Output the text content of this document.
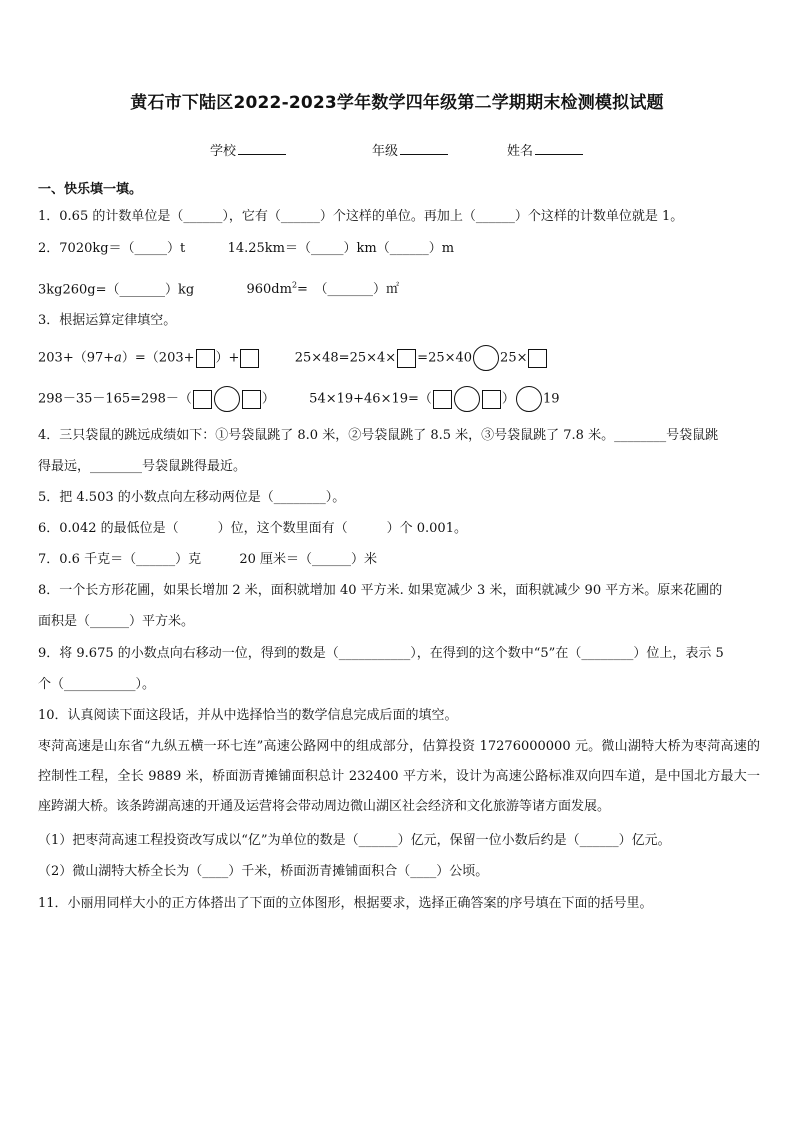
黄石市下陆区2022-2023学年数学四年级第二学期期末检测模拟试题
学校	年级	姓名
一、快乐填一填。
1．0.65 的计数单位是（______），它有（______）个这样的单位。再加上（______）个这样的计数单位就是 1。
2．7020kg＝（_____）t	14.25km＝（_____）km（______）m
3kg260g=（_______）kg	$960dm^2=$　（_______）㎡
3．根据运算定律填空。
203+（97+a）=（203+ ）+	25×48=25×4× =25×40 25×
298－35－165=298－（	）	54×19+46×19=（	） 19
4．三只袋鼠的跳远成绩如下：①号袋鼠跳了 8.0 米，②号袋鼠跳了 8.5 米，③号袋鼠跳了 7.8 米。________号袋鼠跳
得最远，________号袋鼠跳得最近。
5．把 4.503 的小数点向左移动两位是（________）。
6．0.042 的最低位是（　　　）位，这个数里面有（　　　）个 0.001。
7．0.6 千克＝（______）克	20 厘米＝（______）米
8．一个长方形花圃，如果长增加 2 米，面积就增加 40 平方米. 如果宽减少 3 米，面积就减少 90 平方米。原来花圃的
面积是（______）平方米。
9．将 9.675 的小数点向右移动一位，得到的数是（___________），在得到的这个数中“5”在（________）位上，表示 5
个（___________）。
10．认真阅读下面这段话，并从中选择恰当的数学信息完成后面的填空。
枣菏高速是山东省“九纵五横一环七连”高速公路网中的组成部分，估算投资 17276000000 元。微山湖特大桥为枣菏高速的控制性工程，全长 9889 米，桥面沥青摊铺面积总计 232400 平方米，设计为高速公路标准双向四车道，是中国北方最大一座跨湖大桥。该条跨湖高速的开通及运营将会带动周边微山湖区社会经济和文化旅游等诸方面发展。
（1）把枣菏高速工程投资改写成以“亿”为单位的数是（______）亿元，保留一位小数后约是（______）亿元。
（2）微山湖特大桥全长为（____）千米，桥面沥青摊铺面积合（____）公顷。
11．小丽用同样大小的正方体搭出了下面的立体图形，根据要求，选择正确答案的序号填在下面的括号里。
